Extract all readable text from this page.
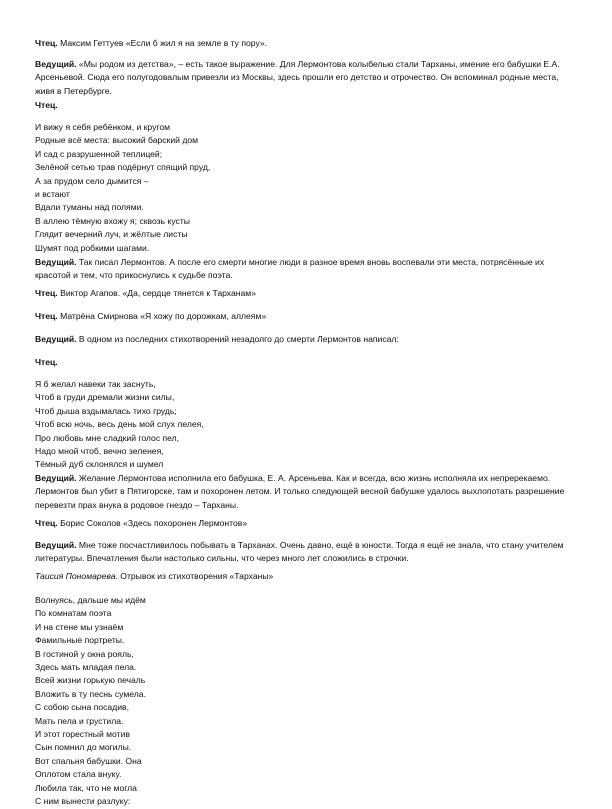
Чтец. Максим Геттуев «Если б жил я на земле в ту пору».
Ведущий. «Мы родом из детства», – есть такое выражение. Для Лермонтова колыбелью стали Тарханы, имение его бабушки Е.А. Арсеньевой. Сюда его полугодовалым привезли из Москвы, здесь прошли его детство и отрочество. Он вспоминал родные места, живя в Петербурге.
Чтец.
И вижу я себя ребёнком, и кругом
Родные всё места: высокий барский дом
И сад с разрушенной теплицей;
Зелёной сетью трав подёрнут спящий пруд,
А за прудом село дымится –
и встают
Вдали туманы над полями.
В аллею тёмную вхожу я; сквозь кусты
Глядит вечерний луч, и жёлтые листы
Шумят под робкими шагами.
Ведущий. Так писал Лермонтов. А после его смерти многие люди в разное время вновь воспевали эти места, потрясённые их красотой и тем, что прикоснулись к судьбе поэта.
Чтец. Виктор Агапов. «Да, сердце тянется к Тарханам»
Чтец. Матрёна Смирнова «Я хожу по дорожкам, аллеям»
Ведущий. В одном из последних стихотворений незадолго до смерти Лермонтов написал:
Чтец.
Я б желал навеки так заснуть,
Чтоб в груди дремали жизни силы,
Чтоб дыша вздымалась тихо грудь;
Чтоб всю ночь, весь день мой слух лелея,
Про любовь мне сладкий голос пел,
Надо мной чтоб, вечно зеленея,
Тёмный дуб склонялся и шумел
Ведущий. Желание Лермонтова исполнила его бабушка, Е. А. Арсеньева. Как и всегда, всю жизнь исполняла их непререкаемо. Лермонтов был убит в Пятигорске, там и похоронен летом. И только следующей весной бабушке удалось выхлопотать разрешение перевезти прах внука в родовое гнездо – Тарханы.
Чтец. Борис Соколов «Здесь похоронен Лермонтов»
Ведущий. Мне тоже посчастливилось побывать в Тарханах. Очень давно, ещё в юности. Тогда я ещё не знала, что стану учителем литературы. Впечатления были настолько сильны, что через много лет сложились в строчки.
Таисия Пономарева. Отрывок из стихотворения «Тарханы»
Волнуясь, дальше мы идём
По комнатам поэта
И на стене мы узнаём
Фамильные портреты.
В гостиной у окна рояль,
Здесь мать младая пела.
Всей жизни горькую печаль
Вложить в ту песнь сумела.
С собою сына посадив,
Мать пела и грустила.
И этот горестный мотив
Сын помнил до могилы.
Вот спальня бабушки. Она
Оплотом стала внуку.
Любила так, что не могла
С ним вынести разлуку:
